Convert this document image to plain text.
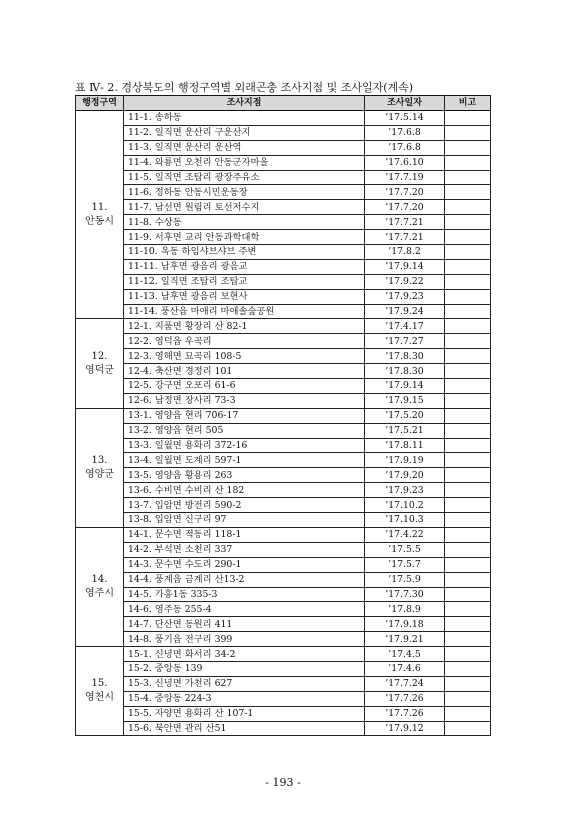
표 Ⅳ- 2. 경상북도의 행정구역별 외래곤충 조사지점 및 조사일자(계속)
행정구역	조사지점	조사일자	비고

11.
안동시	11-1. 송하동	’17.5.14	
	11-2. 일직면 운산리 구운산지	’17.6.8	
	11-3. 일직면 운산리 운산역	’17.6.8	
	11-4. 와룡면 오천리 안동군자마을	’17.6.10	
	11-5. 일직면 조탑리 광장주유소	’17.7.19	
	11-6. 정하동 안동시민운동장	’17.7.20	
	11-7. 남선면 원림리 토선저수지	’17.7.20	
	11-8. 수상동	’17.7.21	
	11-9. 서후면 교리 안동과학대학	’17.7.21	
	11-10. 옥동 하임샤브샤브 주변	’17.8.2	
	11-11. 남후면 광음리 광음교	’17.9.14	
	11-12. 일직면 조탑리 조탑교	’17.9.22	
	11-13. 남후면 광음리 보현사	’17.9.23	
	11-14. 풍산읍 마애리 마애솔숲공원	’17.9.24	

12.
영덕군	12-1. 지품면 황장리 산 82-1	’17.4.17	
	12-2. 영덕읍 우곡리	’17.7.27	
	12-3. 영해면 묘곡리 108-5	’17.8.30	
	12-4. 축산면 경정리 101	’17.8.30	
	12-5. 강구면 오포리 61-6	’17.9.14	
	12-6. 남정면 장사리 73-3	’17.9.15	

13.
영양군	13-1. 영양읍 현리 706-17	’17.5.20	
	13-2. 영양읍 현리 505	’17.5.21	
	13-3. 일월면 용화리 372-16	’17.8.11	
	13-4. 일월면 도계리 597-1	’17.9.19	
	13-5. 영양읍 황용리 263	’17.9.20	
	13-6. 수비면 수비리 산 182	’17.9.23	
	13-7. 입암면 방전리 590-2	’17.10.2	
	13-8. 입암면 신구리 97	’17.10.3	

14.
영주시	14-1. 문수면 적동리 118-1	’17.4.22	
	14-2. 부석면 소천리 337	’17.5.5	
	14-3. 문수면 수도리 290-1	’17.5.7	
	14-4. 풍계읍 금계리 산13-2	’17.5.9	
	14-5. 가흥1동 335-3	’17.7.30	
	14-6. 영주동 255-4	’17.8.9	
	14-7. 단산면 동원리 411	’17.9.18	
	14-8. 풍기읍 전구리 399	’17.9.21	

15.
영천시	15-1. 신녕면 화서리 34-2	’17.4.5	
	15-2. 중앙동 139	’17.4.6	
	15-3. 신녕면 가천리 627	’17.7.24	
	15-4. 중앙동 224-3	’17.7.26	
	15-5. 자양면 용화리 산 107-1	’17.7.26	
	15-6. 북안면 관리 산51	’17.9.12	
- 193 -
